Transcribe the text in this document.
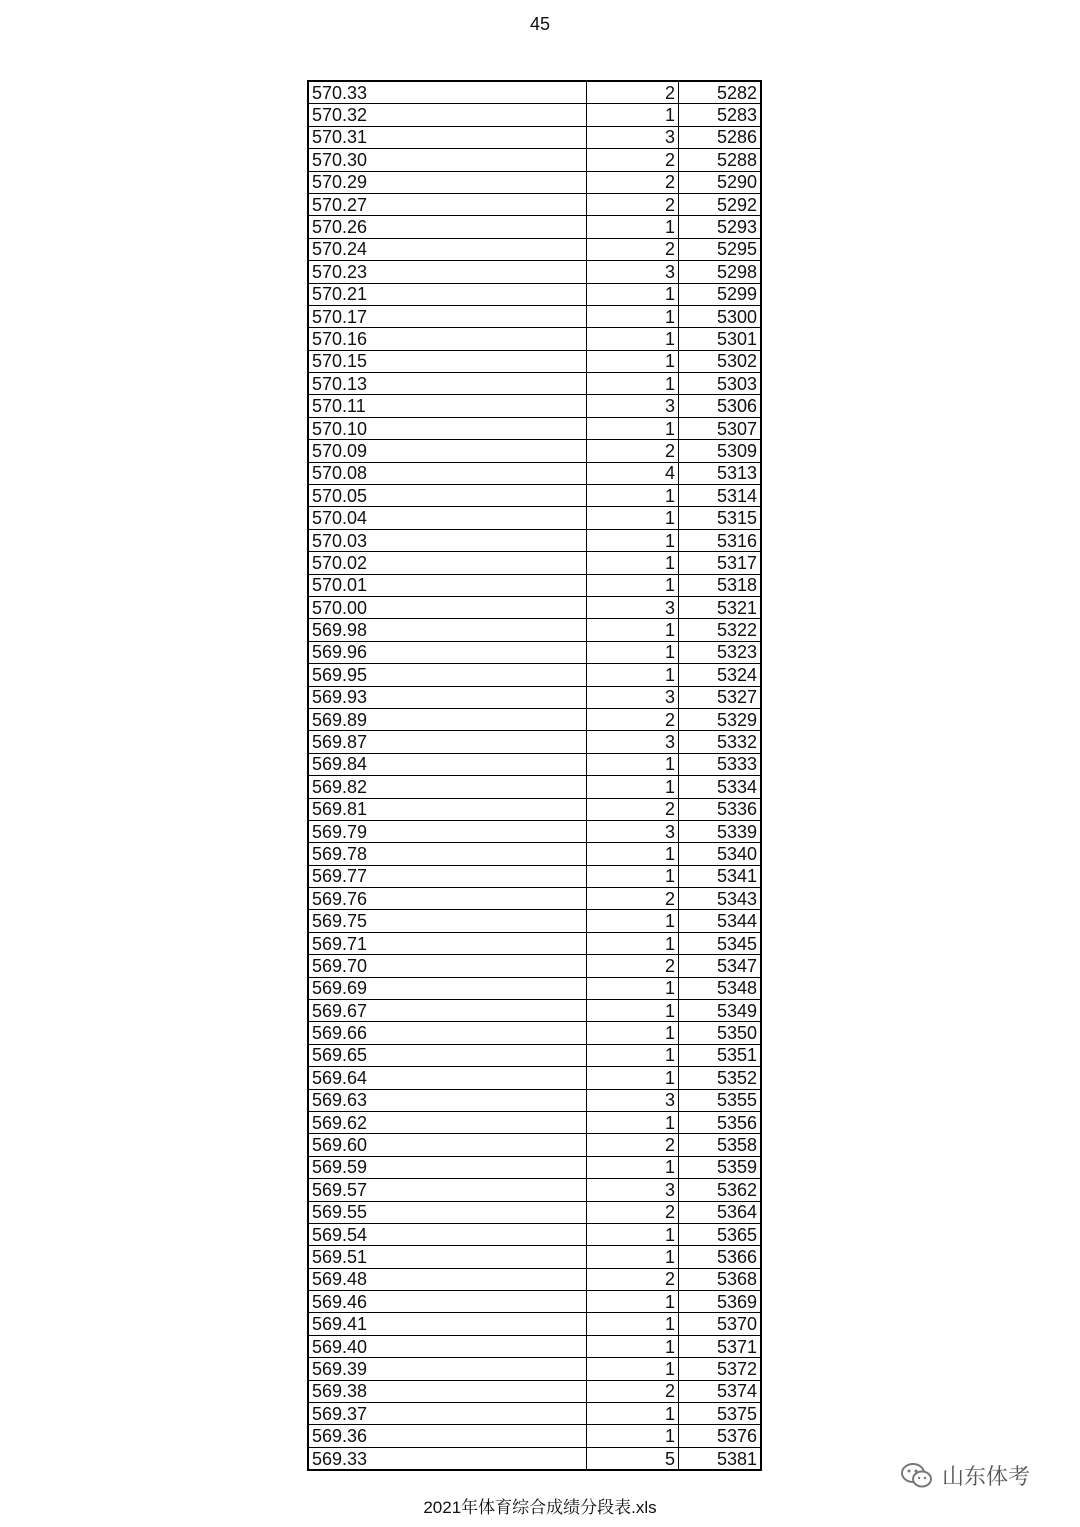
45
570.33	2	5282
570.32	1	5283
570.31	3	5286
570.30	2	5288
570.29	2	5290
570.27	2	5292
570.26	1	5293
570.24	2	5295
570.23	3	5298
570.21	1	5299
570.17	1	5300
570.16	1	5301
570.15	1	5302
570.13	1	5303
570.11	3	5306
570.10	1	5307
570.09	2	5309
570.08	4	5313
570.05	1	5314
570.04	1	5315
570.03	1	5316
570.02	1	5317
570.01	1	5318
570.00	3	5321
569.98	1	5322
569.96	1	5323
569.95	1	5324
569.93	3	5327
569.89	2	5329
569.87	3	5332
569.84	1	5333
569.82	1	5334
569.81	2	5336
569.79	3	5339
569.78	1	5340
569.77	1	5341
569.76	2	5343
569.75	1	5344
569.71	1	5345
569.70	2	5347
569.69	1	5348
569.67	1	5349
569.66	1	5350
569.65	1	5351
569.64	1	5352
569.63	3	5355
569.62	1	5356
569.60	2	5358
569.59	1	5359
569.57	3	5362
569.55	2	5364
569.54	1	5365
569.51	1	5366
569.48	2	5368
569.46	1	5369
569.41	1	5370
569.40	1	5371
569.39	1	5372
569.38	2	5374
569.37	1	5375
569.36	1	5376
569.33	5	5381
2021年体育综合成绩分段表.xls
山东体考
